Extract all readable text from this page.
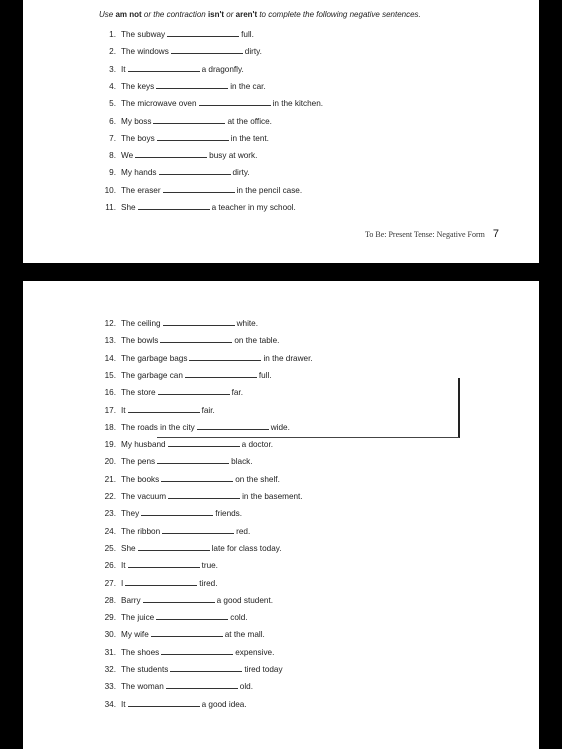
Use am not or the contraction isn't or aren't to complete the following negative sentences.
1. The subway	full.
2. The windows	dirty.
3. It	a dragonfly.
4. The keys	in the car.
5. The microwave oven	in the kitchen.
6. My boss	at the office.
7. The boys	in the tent.
8. We	busy at work.
9. My hands	dirty.
10. The eraser	in the pencil case.
11. She	a teacher in my school.
To Be: Present Tense: Negative Form 7
12. The ceiling	white.
13. The bowls	on the table.
14. The garbage bags	in the drawer.
15. The garbage can	full.
16. The store	far.
17. It	fair.
18. The roads in the city	wide.
19. My husband	a doctor.
20. The pens	black.
21. The books	on the shelf.
22. The vacuum	in the basement.
23. They	friends.
24. The ribbon	red.
25. She	late for class today.
26. It	true.
27. I	tired.
28. Barry	a good student.
29. The juice	cold.
30. My wife	at the mall.
31. The shoes	expensive.
32. The students	tired today
33. The woman	old.
34. It	a good idea.
